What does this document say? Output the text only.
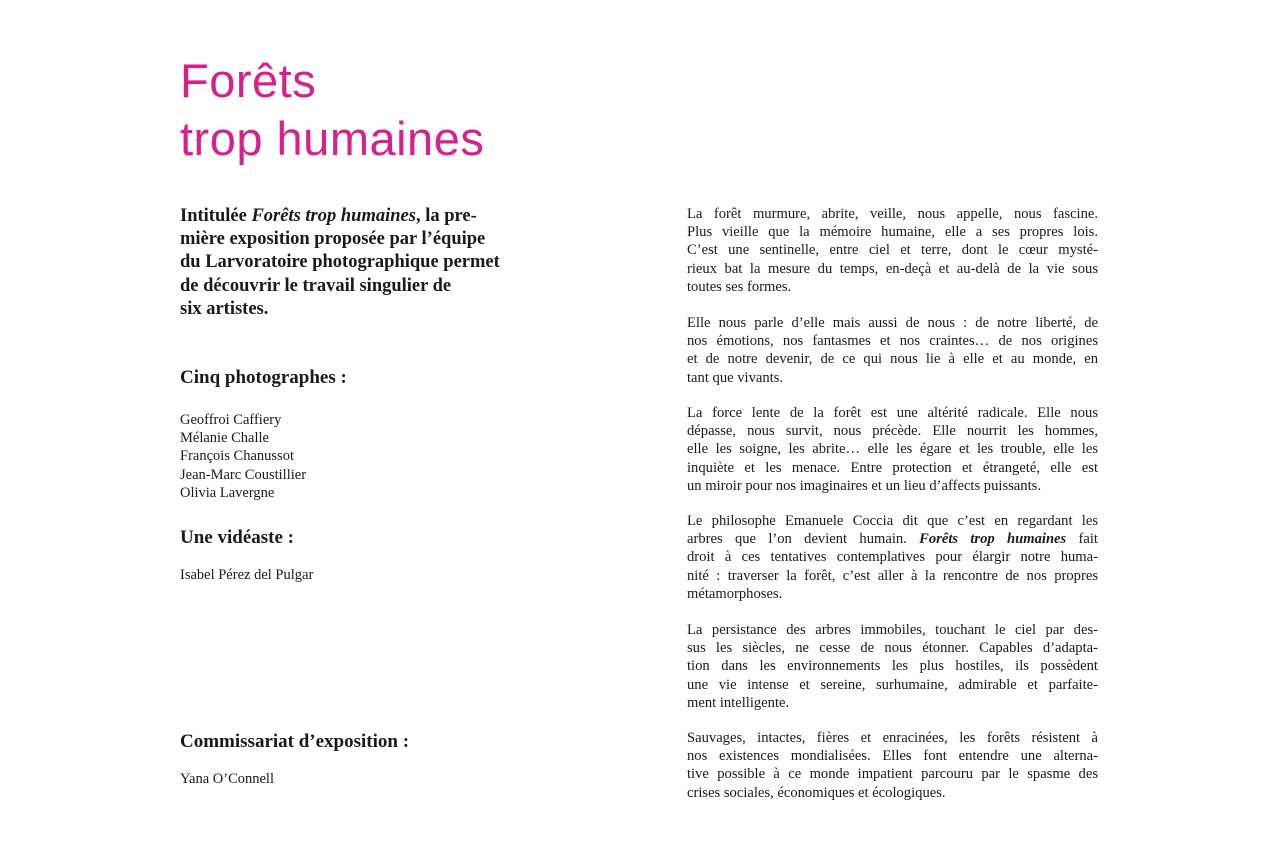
Forêts
trop humaines

Intitulée Forêts trop humaines, la pre-
mière exposition proposée par l’équipe
du Larvoratoire photographique permet
de découvrir le travail singulier de
six artistes.

Cinq photographes :
Geoffroi Caffiery
Mélanie Challe
François Chanussot
Jean-Marc Coustillier
Olivia Lavergne
Une vidéaste :
Isabel Pérez del Pulgar
Commissariat d’exposition :
Yana O’Connell

La forêt murmure, abrite, veille, nous appelle, nous fascine.
Plus vieille que la mémoire humaine, elle a ses propres lois.
C’est une sentinelle, entre ciel et terre, dont le cœur mysté-
rieux bat la mesure du temps, en-deçà et au-delà de la vie sous
toutes ses formes.

Elle nous parle d’elle mais aussi de nous : de notre liberté, de
nos émotions, nos fantasmes et nos craintes… de nos origines
et de notre devenir, de ce qui nous lie à elle et au monde, en
tant que vivants.

La force lente de la forêt est une altérité radicale. Elle nous
dépasse, nous survit, nous précède. Elle nourrit les hommes,
elle les soigne, les abrite… elle les égare et les trouble, elle les
inquiète et les menace. Entre protection et étrangeté, elle est
un miroir pour nos imaginaires et un lieu d’affects puissants.

Le philosophe Emanuele Coccia dit que c’est en regardant les
arbres que l’on devient humain. Forêts trop humaines fait
droit à ces tentatives contemplatives pour élargir notre huma-
nité : traverser la forêt, c’est aller à la rencontre de nos propres
métamorphoses.

La persistance des arbres immobiles, touchant le ciel par des-
sus les siècles, ne cesse de nous étonner. Capables d’adapta-
tion dans les environnements les plus hostiles, ils possèdent
une vie intense et sereine, surhumaine, admirable et parfaite-
ment intelligente.

Sauvages, intactes, fières et enracinées, les forêts résistent à
nos existences mondialisées. Elles font entendre une alterna-
tive possible à ce monde impatient parcouru par le spasme des
crises sociales, économiques et écologiques.
